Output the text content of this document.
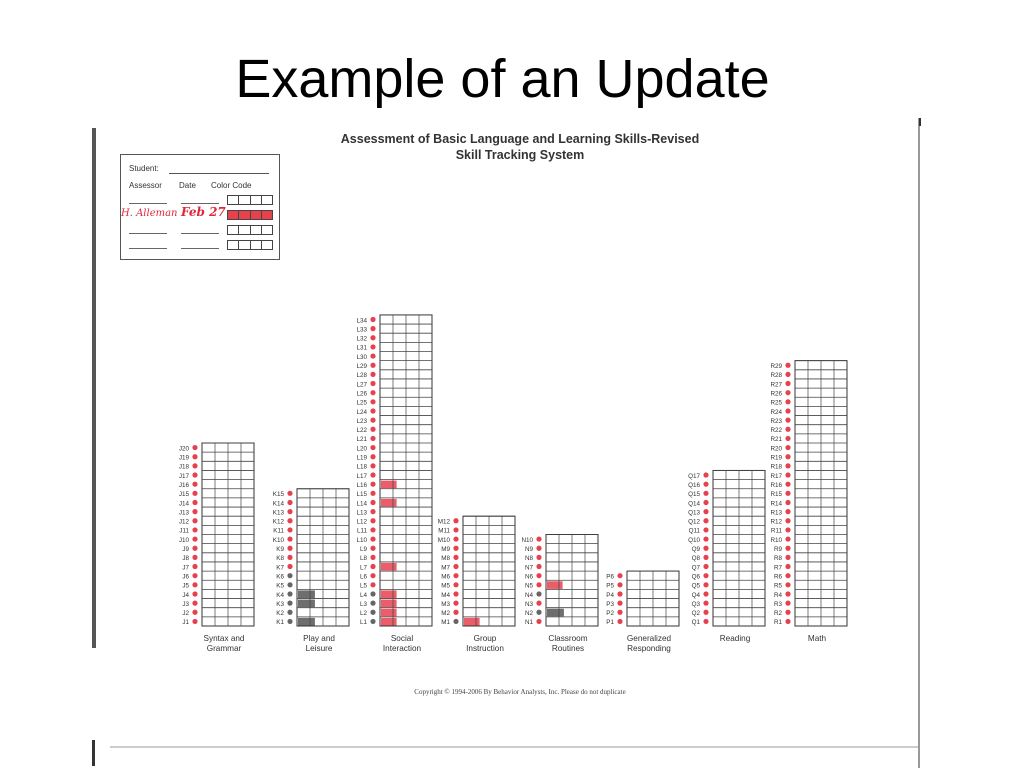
Example of an Update
Assessment of Basic Language and Learning Skills-Revised
Skill Tracking System
Student:
Assessor Date Color Code
H. Alleman Feb 27
J1
J2
J3
J4
J5
J6
J7
J8
J9
J10
J11
J12
J13
J14
J15
J16
J17
J18
J19
J20
Syntax and
Grammar
K1
K2
K3
K4
K5
K6
K7
K8
K9
K10
K11
K12
K13
K14
K15
Play and
Leisure
L1
L2
L3
L4
L5
L6
L7
L8
L9
L10
L11
L12
L13
L14
L15
L16
L17
L18
L19
L20
L21
L22
L23
L24
L25
L26
L27
L28
L29
L30
L31
L32
L33
L34
Social
Interaction
M1
M2
M3
M4
M5
M6
M7
M8
M9
M10
M11
M12
Group
Instruction
N1
N2
N3
N4
N5
N6
N7
N8
N9
N10
Classroom
Routines
P1
P2
P3
P4
P5
P6
Generalized
Responding
Q1
Q2
Q3
Q4
Q5
Q6
Q7
Q8
Q9
Q10
Q11
Q12
Q13
Q14
Q15
Q16
Q17
Reading
R1
R2
R3
R4
R5
R6
R7
R8
R9
R10
R11
R12
R13
R14
R15
R16
R17
R18
R19
R20
R21
R22
R23
R24
R25
R26
R27
R28
R29
Math
Copyright © 1994-2006 By Behavior Analysts, Inc. Please do not duplicate
